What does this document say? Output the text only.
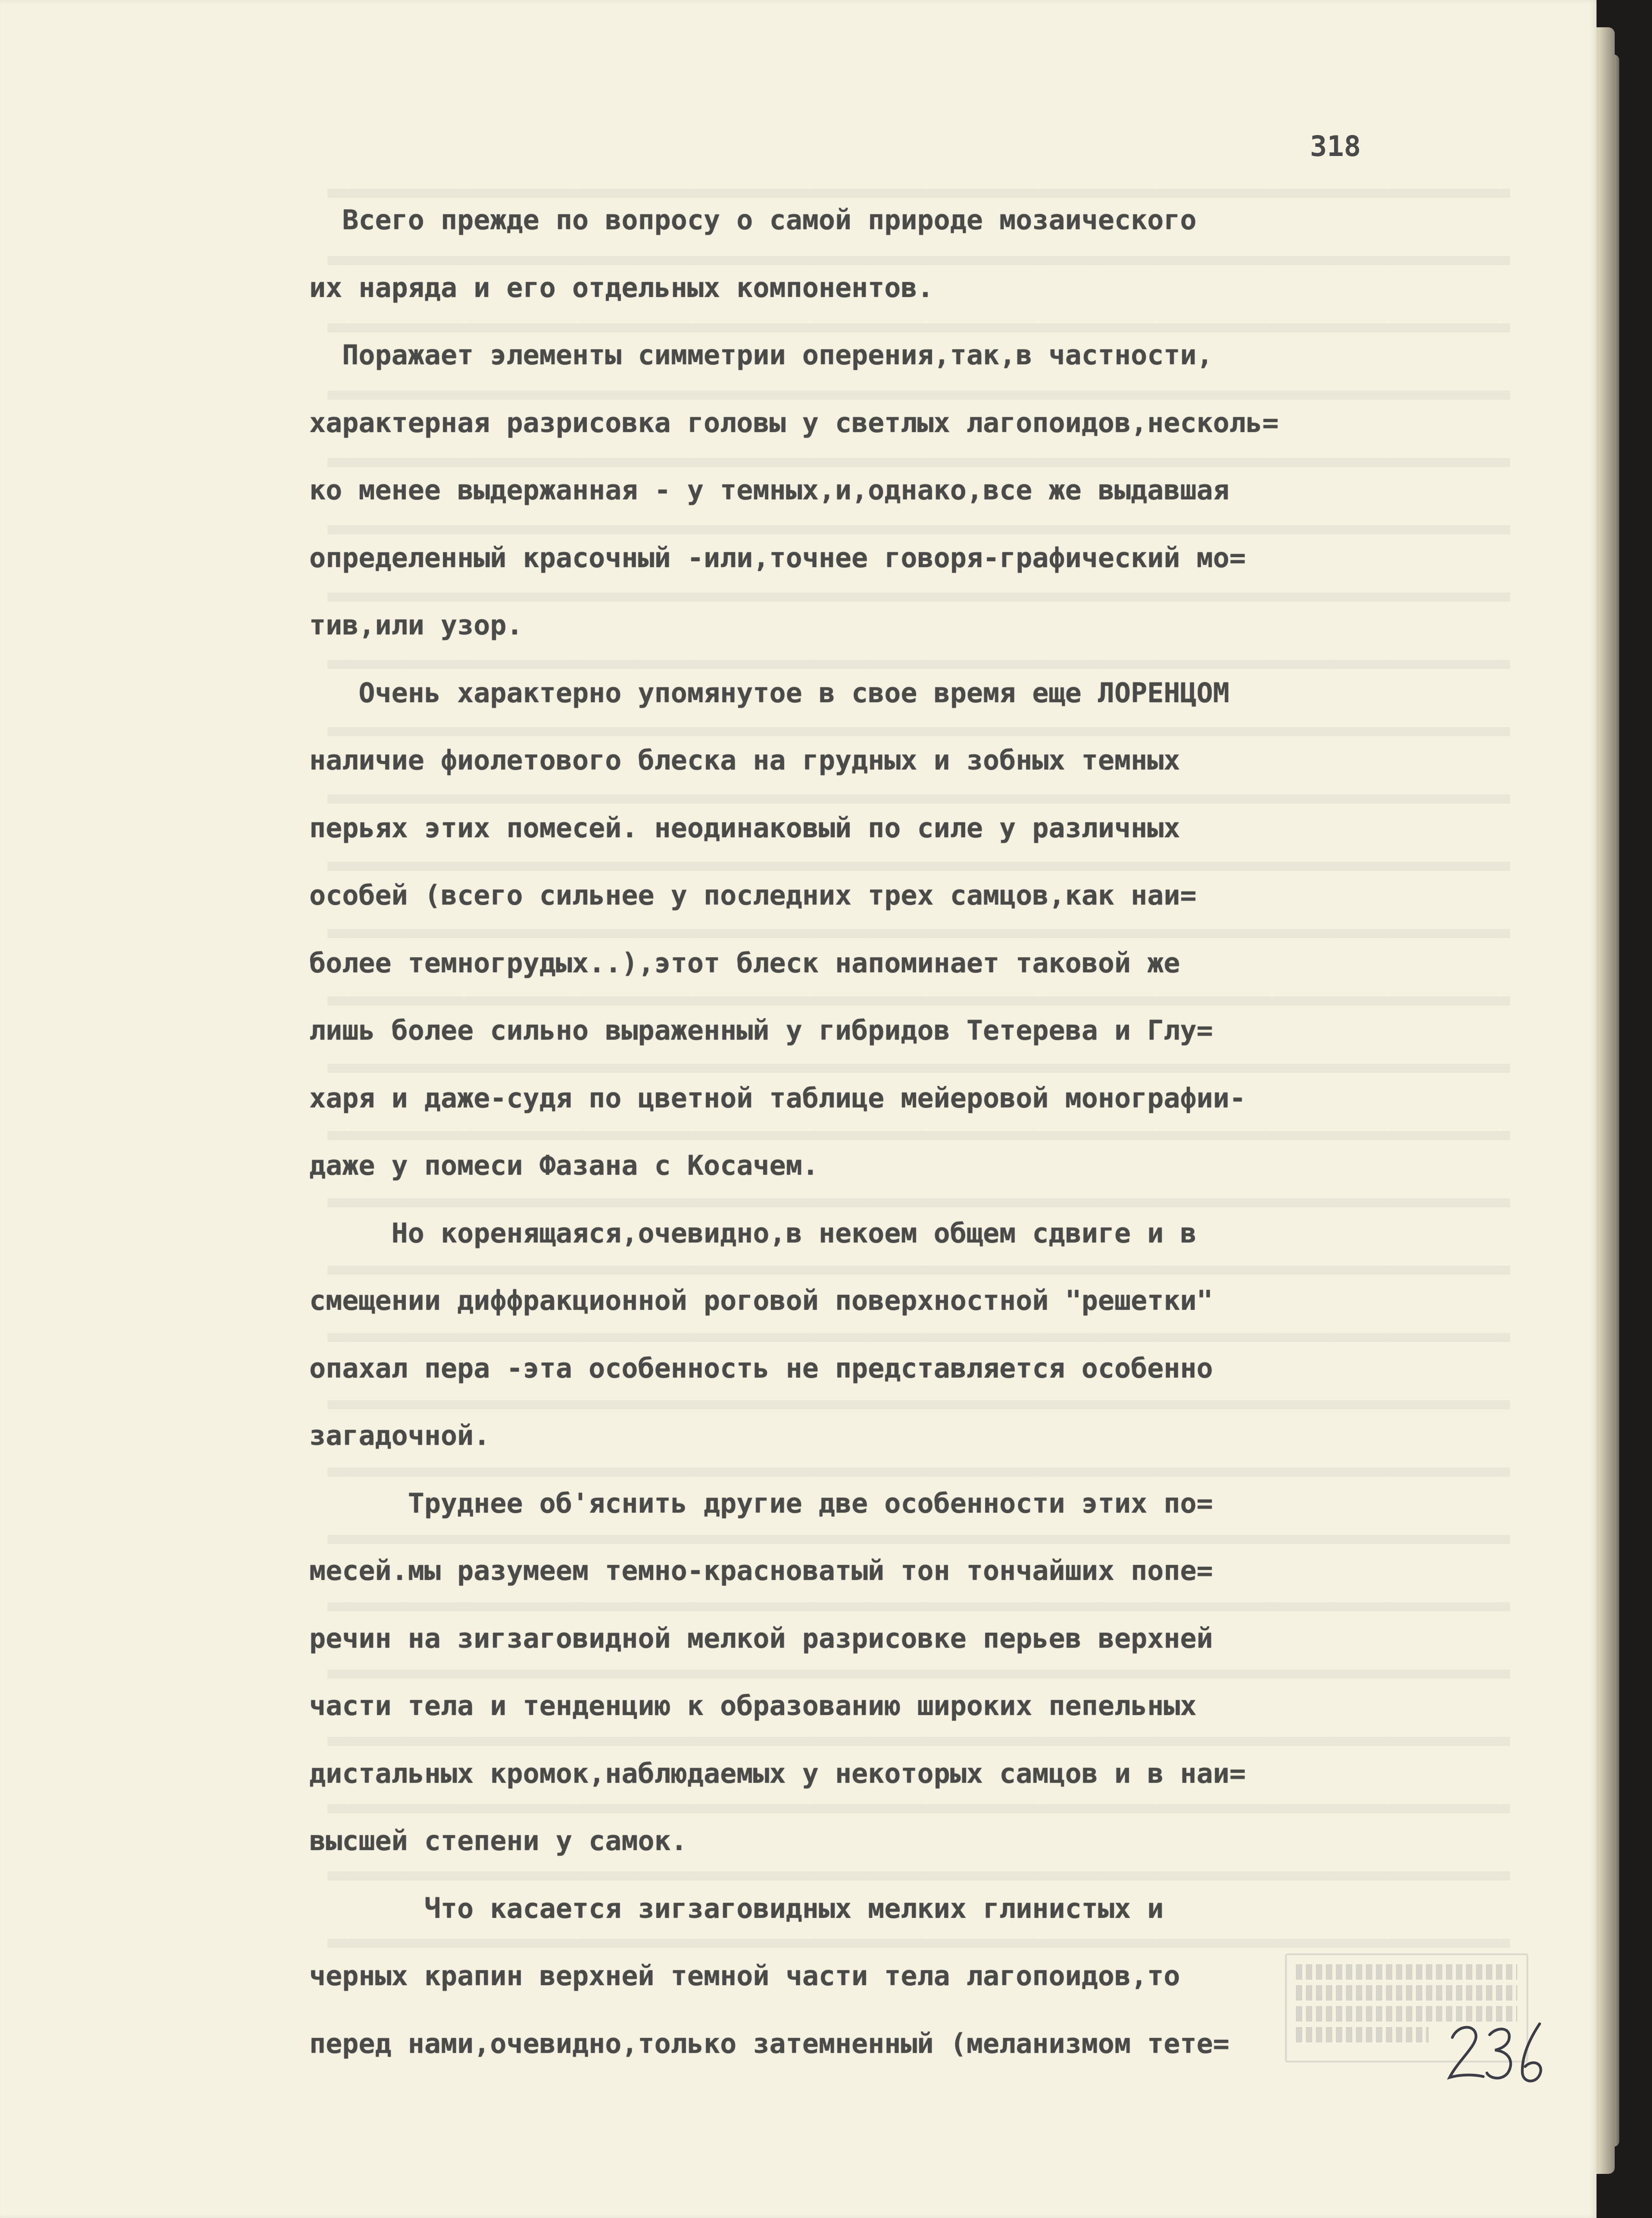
318
Всего прежде по вопросу о самой природе мозаического
их наряда и его отдельных компонентов.
Поражает элементы симметрии оперения,так,в частности,
характерная разрисовка головы у светлых лагопоидов,несколь=
ко менее выдержанная - у темных,и,однако,все же выдавшая
определенный красочный -или,точнее говоря-графический мо=
тив,или узор.
Очень характерно упомянутое в свое время еще ЛОРЕНЦОМ
наличие фиолетового блеска на грудных и зобных темных
перьях этих помесей. неодинаковый по силе у различных
особей (всего сильнее у последних трех самцов,как наи=
более темногрудых..),этот блеск напоминает таковой же
лишь более сильно выраженный у гибридов Тетерева и Глу=
харя и даже-судя по цветной таблице мейеровой монографии-
даже у помеси Фазана с Косачем.
Но коренящаяся,очевидно,в некоем общем сдвиге и в
смещении диффракционной роговой поверхностной "решетки"
опахал пера -эта особенность не представляется особенно
загадочной.
Труднее об'яснить другие две особенности этих по=
месей.мы разумеем темно-красноватый тон тончайших попе=
речин на зигзаговидной мелкой разрисовке перьев верхней
части тела и тенденцию к образованию широких пепельных
дистальных кромок,наблюдаемых у некоторых самцов и в наи=
высшей степени у самок.
Что касается зигзаговидных мелких глинистых и
черных крапин верхней темной части тела лагопоидов,то
перед нами,очевидно,только затемненный (меланизмом тете=
